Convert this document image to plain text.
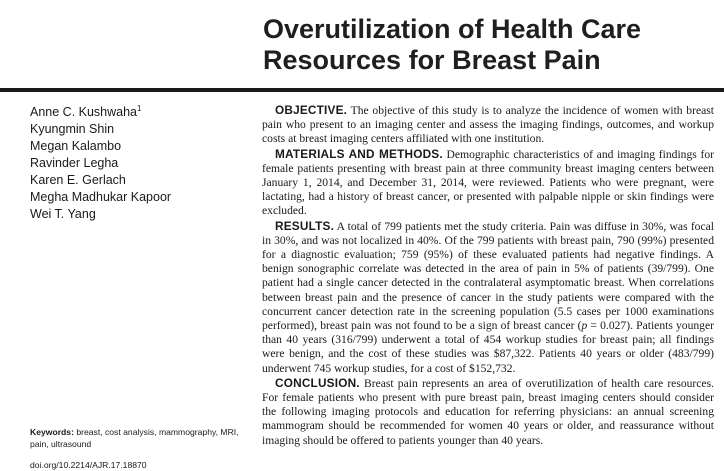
Overutilization of Health Care Resources for Breast Pain
Anne C. Kushwaha$^1$
Kyungmin Shin
Megan Kalambo
Ravinder Legha
Karen E. Gerlach
Megha Madhukar Kapoor
Wei T. Yang
Keywords: breast, cost analysis, mammography, MRI, pain, ultrasound
doi.org/10.2214/AJR.17.18870

OBJECTIVE. The objective of this study is to analyze the incidence of women with breast pain who present to an imaging center and assess the imaging findings, outcomes, and workup costs at breast imaging centers affiliated with one institution.

MATERIALS AND METHODS. Demographic characteristics of and imaging findings for female patients presenting with breast pain at three community breast imaging centers between January 1, 2014, and December 31, 2014, were reviewed. Patients who were pregnant, were lactating, had a history of breast cancer, or presented with palpable nipple or skin findings were excluded.

RESULTS. A total of 799 patients met the study criteria. Pain was diffuse in 30%, was focal in 30%, and was not localized in 40%. Of the 799 patients with breast pain, 790 (99%) presented for a diagnostic evaluation; 759 (95%) of these evaluated patients had negative findings. A benign sonographic correlate was detected in the area of pain in 5% of patients (39/799). One patient had a single cancer detected in the contralateral asymptomatic breast. When correlations between breast pain and the presence of cancer in the study patients were compared with the concurrent cancer detection rate in the screening population (5.5 cases per 1000 examinations performed), breast pain was not found to be a sign of breast cancer (p = 0.027). Patients younger than 40 years (316/799) underwent a total of 454 workup studies for breast pain; all findings were benign, and the cost of these studies was $87,322. Patients 40 years or older (483/799) underwent 745 workup studies, for a cost of $152,732.

CONCLUSION. Breast pain represents an area of overutilization of health care resources. For female patients who present with pure breast pain, breast imaging centers should consider the following imaging protocols and education for referring physicians: an annual screening mammogram should be recommended for women 40 years or older, and reassurance without imaging should be offered to patients younger than 40 years.
